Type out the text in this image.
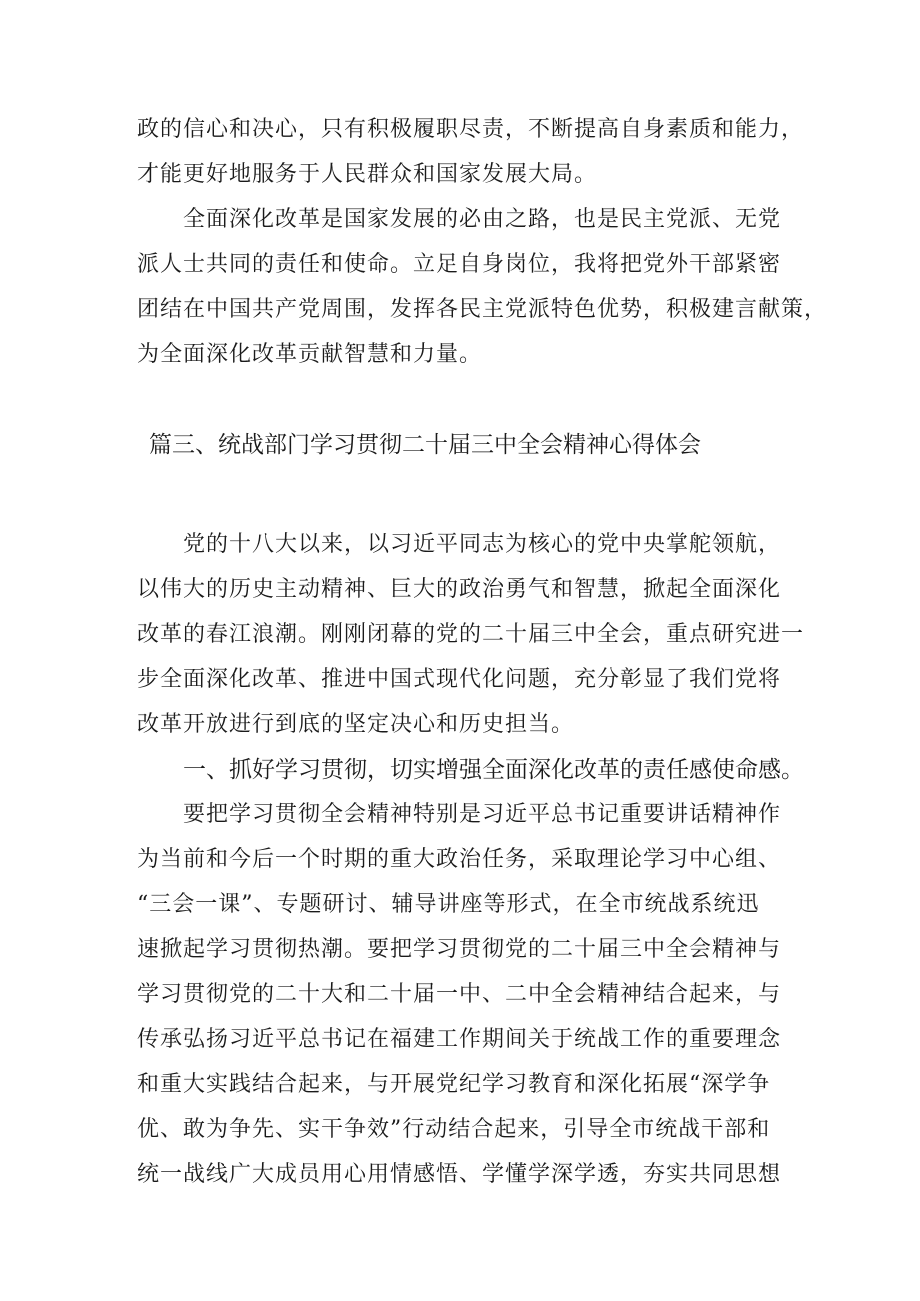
政的信心和决心，只有积极履职尽责，不断提高自身素质和能力，
才能更好地服务于人民群众和国家发展大局。
全面深化改革是国家发展的必由之路，也是民主党派、无党
派人士共同的责任和使命。立足自身岗位，我将把党外干部紧密
团结在中国共产党周围，发挥各民主党派特色优势，积极建言献策，
为全面深化改革贡献智慧和力量。
篇三、统战部门学习贯彻二十届三中全会精神心得体会
党的十八大以来，以习近平同志为核心的党中央掌舵领航，
以伟大的历史主动精神、巨大的政治勇气和智慧，掀起全面深化
改革的春江浪潮。刚刚闭幕的党的二十届三中全会，重点研究进一
步全面深化改革、推进中国式现代化问题，充分彰显了我们党将
改革开放进行到底的坚定决心和历史担当。
一、抓好学习贯彻，切实增强全面深化改革的责任感使命感。
要把学习贯彻全会精神特别是习近平总书记重要讲话精神作
为当前和今后一个时期的重大政治任务，采取理论学习中心组、
“三会一课”、专题研讨、辅导讲座等形式，在全市统战系统迅
速掀起学习贯彻热潮。要把学习贯彻党的二十届三中全会精神与
学习贯彻党的二十大和二十届一中、二中全会精神结合起来，与
传承弘扬习近平总书记在福建工作期间关于统战工作的重要理念
和重大实践结合起来，与开展党纪学习教育和深化拓展“深学争
优、敢为争先、实干争效”行动结合起来，引导全市统战干部和
统一战线广大成员用心用情感悟、学懂学深学透，夯实共同思想
